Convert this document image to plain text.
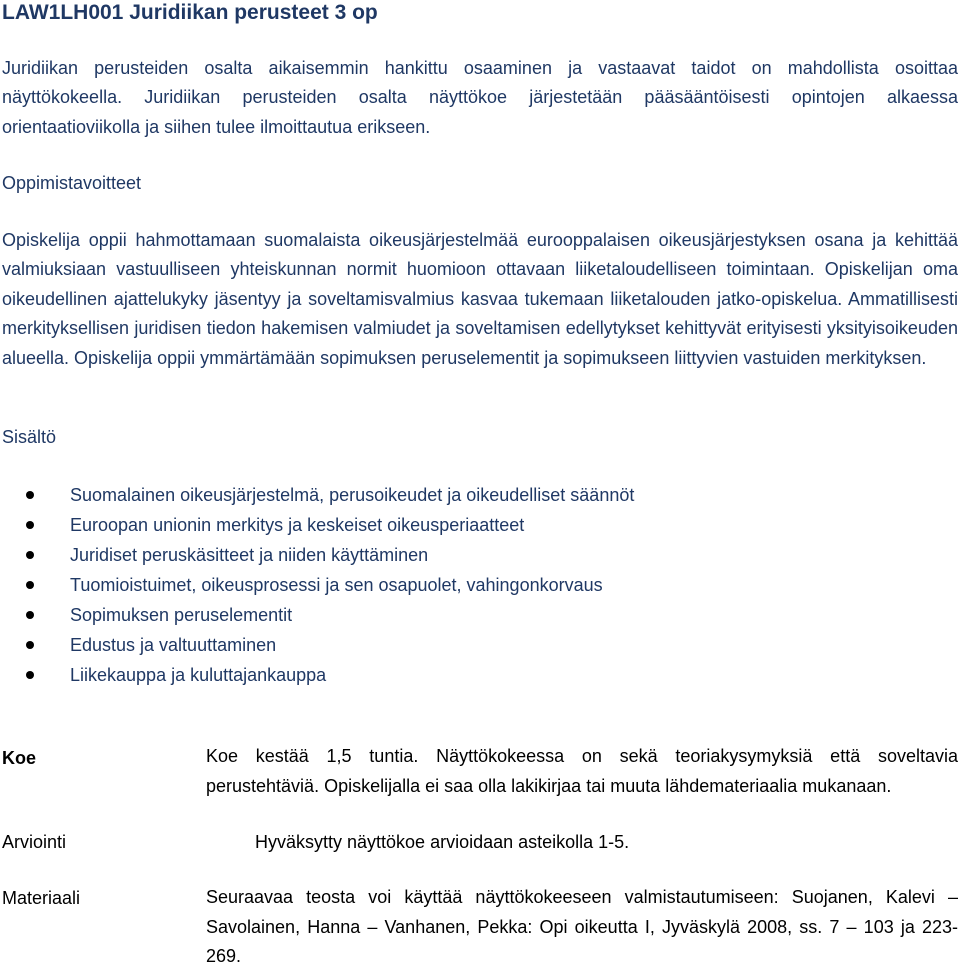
LAW1LH001 Juridiikan perusteet 3 op
Juridiikan perusteiden osalta aikaisemmin hankittu osaaminen ja vastaavat taidot on mahdollista osoittaa näyttökokeella. Juridiikan perusteiden osalta näyttökoe järjestetään pääsääntöisesti opintojen alkaessa orientaatioviikolla ja siihen tulee ilmoittautua erikseen.
Oppimistavoitteet
Opiskelija oppii hahmottamaan suomalaista oikeusjärjestelmää eurooppalaisen oikeusjärjestyksen osana ja kehittää valmiuksiaan vastuulliseen yhteiskunnan normit huomioon ottavaan liiketaloudelliseen toimintaan. Opiskelijan oma oikeudellinen ajattelukyky jäsentyy ja soveltamisvalmius kasvaa tukemaan liiketalouden jatko-opiskelua. Ammatillisesti merkityksellisen juridisen tiedon hakemisen valmiudet ja soveltamisen edellytykset kehittyvät erityisesti yksityisoikeuden alueella. Opiskelija oppii ymmärtämään sopimuksen peruselementit ja sopimukseen liittyvien vastuiden merkityksen.
Sisältö
Suomalainen oikeusjärjestelmä, perusoikeudet ja oikeudelliset säännöt
Euroopan unionin merkitys ja keskeiset oikeusperiaatteet
Juridiset peruskäsitteet ja niiden käyttäminen
Tuomioistuimet, oikeusprosessi ja sen osapuolet, vahingonkorvaus
Sopimuksen peruselementit
Edustus ja valtuuttaminen
Liikekauppa ja kuluttajankauppa
Koe	Koe kestää 1,5 tuntia. Näyttökokeessa on sekä teoriakysymyksiä että soveltavia perustehtäviä. Opiskelijalla ei saa olla lakikirjaa tai muuta lähdemateriaalia mukanaan.
Arviointi	Hyväksytty näyttökoe arvioidaan asteikolla 1-5.
Materiaali	Seuraavaa teosta voi käyttää näyttökokeeseen valmistautumiseen: Suojanen, Kalevi – Savolainen, Hanna – Vanhanen, Pekka: Opi oikeutta I, Jyväskylä 2008, ss. 7 – 103 ja 223-269.
